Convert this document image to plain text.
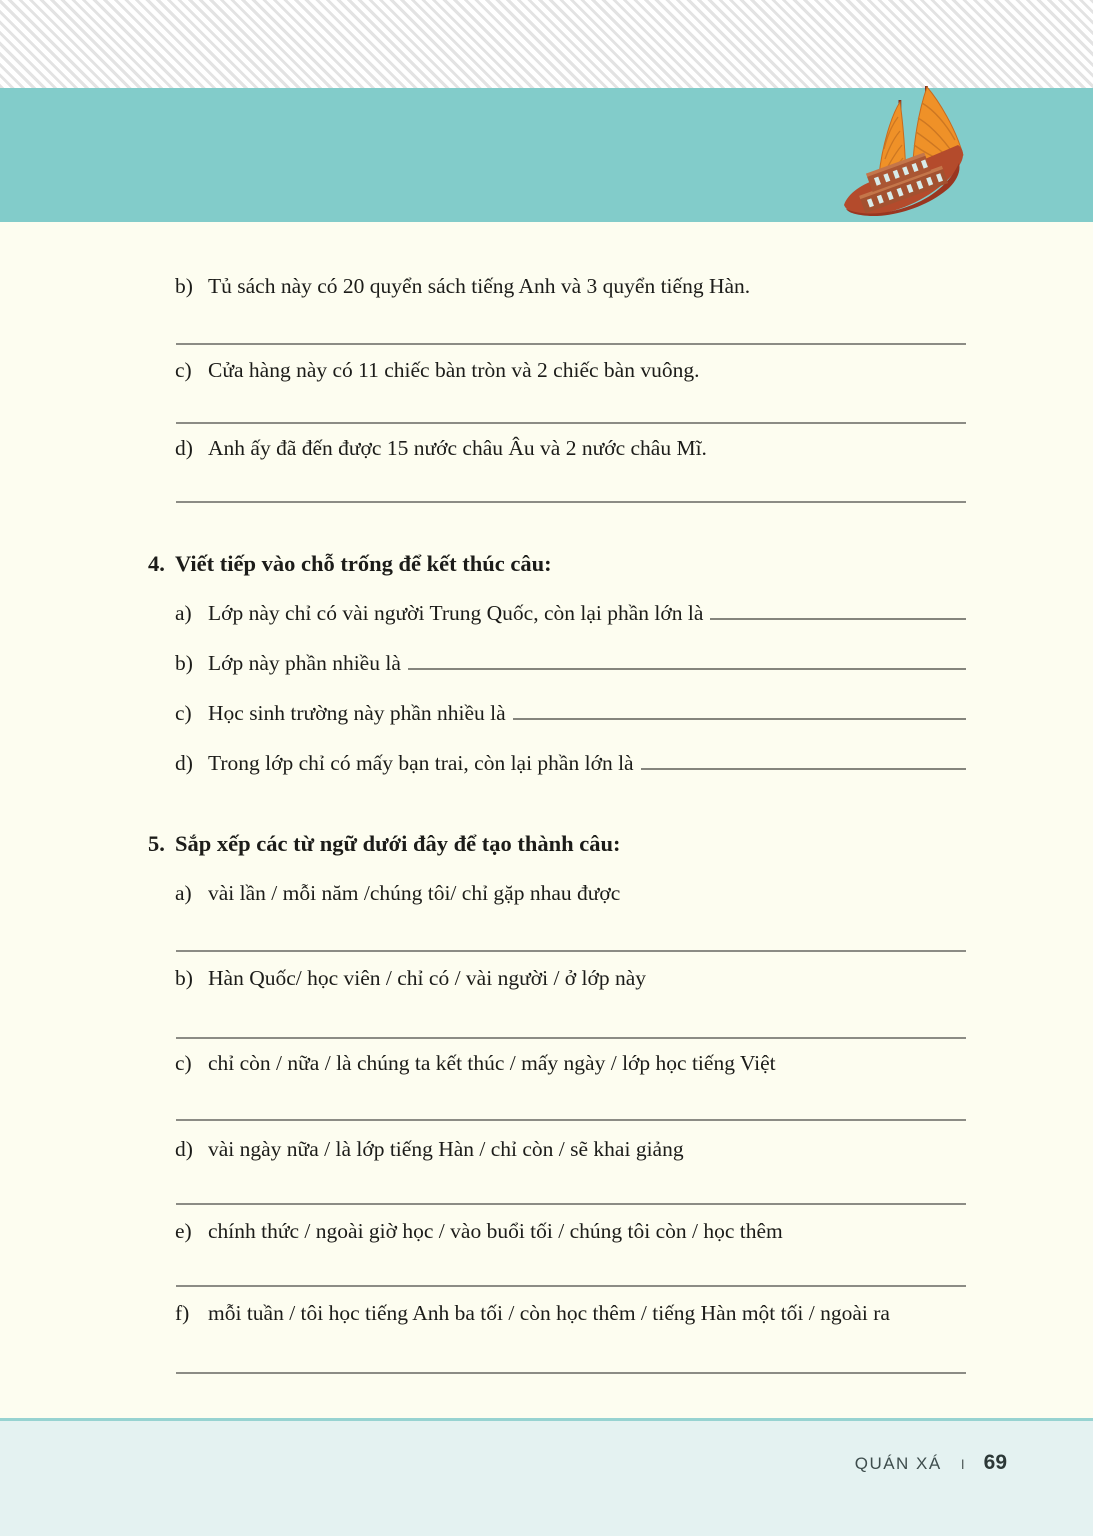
b) Tủ sách này có 20 quyển sách tiếng Anh và 3 quyển tiếng Hàn.
c) Cửa hàng này có 11 chiếc bàn tròn và 2 chiếc bàn vuông.
d) Anh ấy đã đến được 15 nước châu Âu và 2 nước châu Mĩ.
4. Viết tiếp vào chỗ trống để kết thúc câu:
a) Lớp này chỉ có vài người Trung Quốc, còn lại phần lớn là
b) Lớp này phần nhiều là
c) Học sinh trường này phần nhiều là
d) Trong lớp chỉ có mấy bạn trai, còn lại phần lớn là
5. Sắp xếp các từ ngữ dưới đây để tạo thành câu:
a) vài lần / mỗi năm /chúng tôi/ chỉ gặp nhau được
b) Hàn Quốc/ học viên / chỉ có / vài người / ở lớp này
c) chỉ còn / nữa / là chúng ta kết thúc / mấy ngày / lớp học tiếng Việt
d) vài ngày nữa / là lớp tiếng Hàn / chỉ còn / sẽ khai giảng
e) chính thức / ngoài giờ học / vào buổi tối / chúng tôi còn / học thêm
f) mỗi tuần / tôi học tiếng Anh ba tối / còn học thêm / tiếng Hàn một tối / ngoài ra
QUÁN XÁ I 69
